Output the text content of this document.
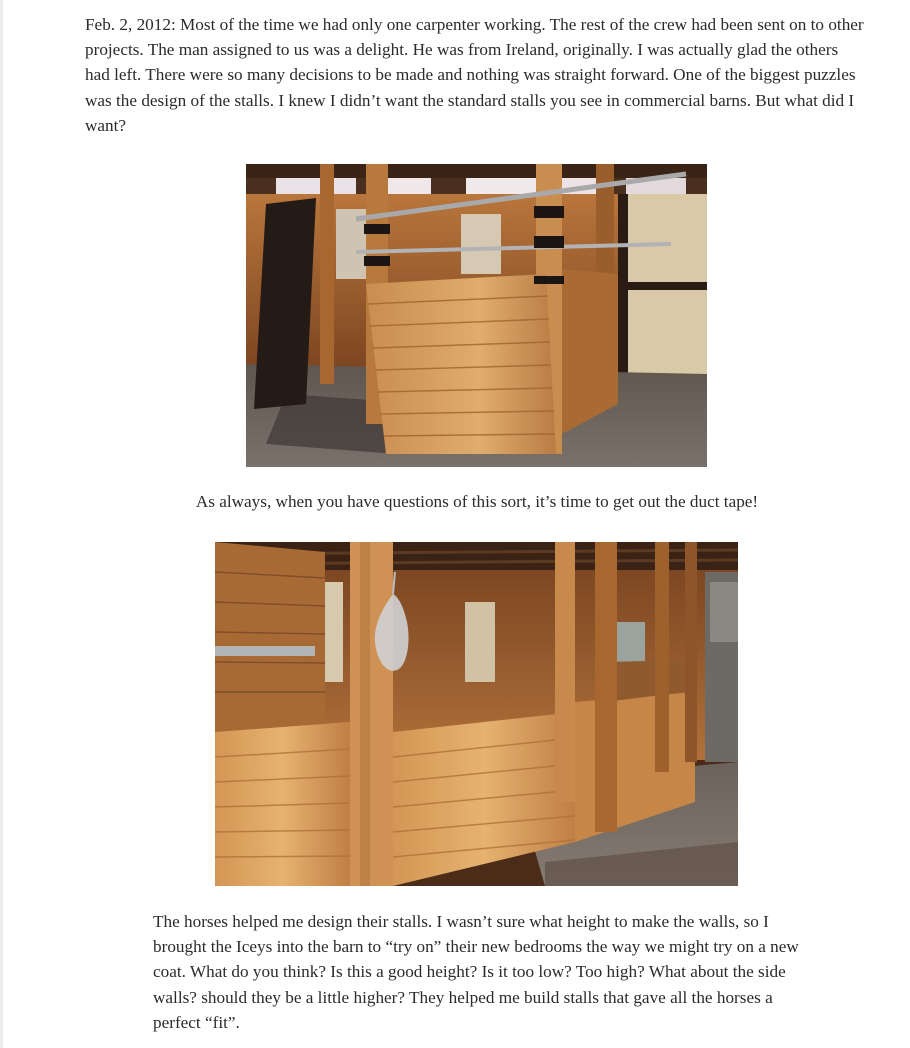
Feb. 2, 2012: Most of the time we had only one carpenter working. The rest of the crew had been sent on to other projects. The man assigned to us was a delight. He was from Ireland, originally. I was actually glad the others had left. There were so many decisions to be made and nothing was straight forward. One of the biggest puzzles was the design of the stalls. I knew I didn’t want the standard stalls you see in commercial barns. But what did I want?

As always, when you have questions of this sort, it’s time to get out the duct tape!

The horses helped me design their stalls. I wasn’t sure what height to make the walls, so I brought the Iceys into the barn to “try on” their new bedrooms the way we might try on a new coat. What do you think? Is this a good height? Is it too low? Too high? What about the side walls? should they be a little higher? They helped me build stalls that gave all the horses a perfect “fit”.
